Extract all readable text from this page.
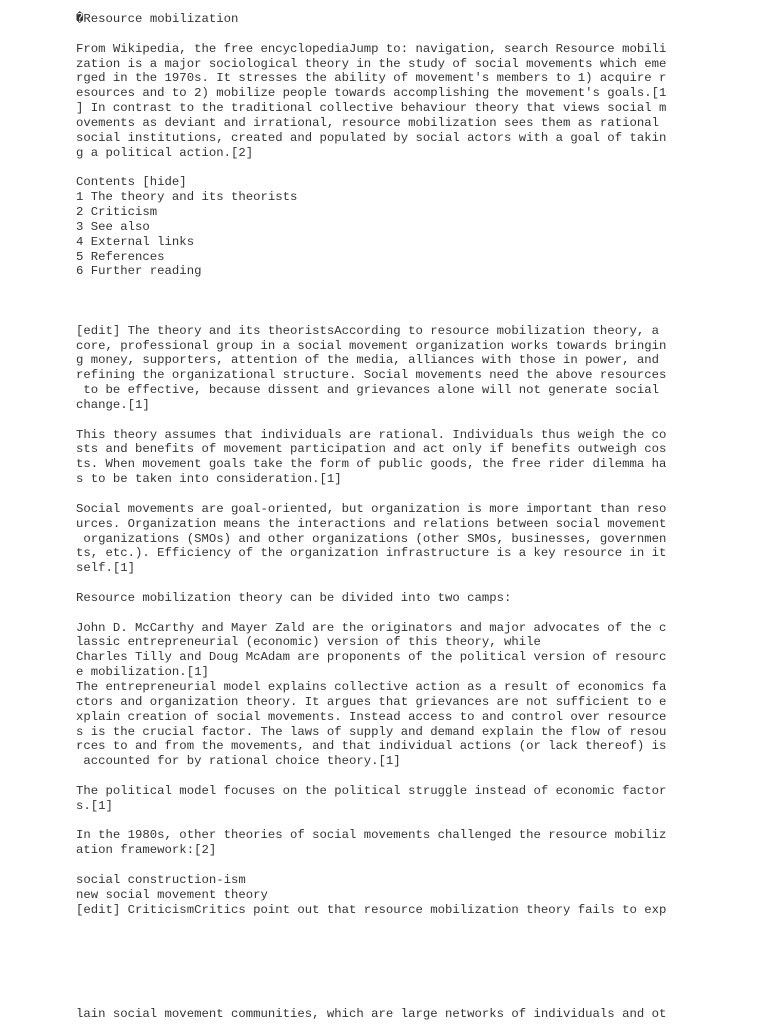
�Resource mobilization
From Wikipedia, the free encyclopediaJump to: navigation, search Resource mobili
zation is a major sociological theory in the study of social movements which eme
rged in the 1970s. It stresses the ability of movement's members to 1) acquire r
esources and to 2) mobilize people towards accomplishing the movement's goals.[1
] In contrast to the traditional collective behaviour theory that views social m
ovements as deviant and irrational, resource mobilization sees them as rational
social institutions, created and populated by social actors with a goal of takin
g a political action.[2]
Contents [hide]
1 The theory and its theorists
2 Criticism
3 See also
4 External links
5 References
6 Further reading
[edit] The theory and its theoristsAccording to resource mobilization theory, a
core, professional group in a social movement organization works towards bringin
g money, supporters, attention of the media, alliances with those in power, and
refining the organizational structure. Social movements need the above resources
to be effective, because dissent and grievances alone will not generate social
change.[1]
This theory assumes that individuals are rational. Individuals thus weigh the co
sts and benefits of movement participation and act only if benefits outweigh cos
ts. When movement goals take the form of public goods, the free rider dilemma ha
s to be taken into consideration.[1]
Social movements are goal-oriented, but organization is more important than reso
urces. Organization means the interactions and relations between social movement
organizations (SMOs) and other organizations (other SMOs, businesses, governmen
ts, etc.). Efficiency of the organization infrastructure is a key resource in it
self.[1]
Resource mobilization theory can be divided into two camps:
John D. McCarthy and Mayer Zald are the originators and major advocates of the c
lassic entrepreneurial (economic) version of this theory, while
Charles Tilly and Doug McAdam are proponents of the political version of resourc
e mobilization.[1]
The entrepreneurial model explains collective action as a result of economics fa
ctors and organization theory. It argues that grievances are not sufficient to e
xplain creation of social movements. Instead access to and control over resource
s is the crucial factor. The laws of supply and demand explain the flow of resou
rces to and from the movements, and that individual actions (or lack thereof) is
accounted for by rational choice theory.[1]
The political model focuses on the political struggle instead of economic factor
s.[1]
In the 1980s, other theories of social movements challenged the resource mobiliz
ation framework:[2]
social construction-ism
new social movement theory
[edit] CriticismCritics point out that resource mobilization theory fails to exp
lain social movement communities, which are large networks of individuals and ot
